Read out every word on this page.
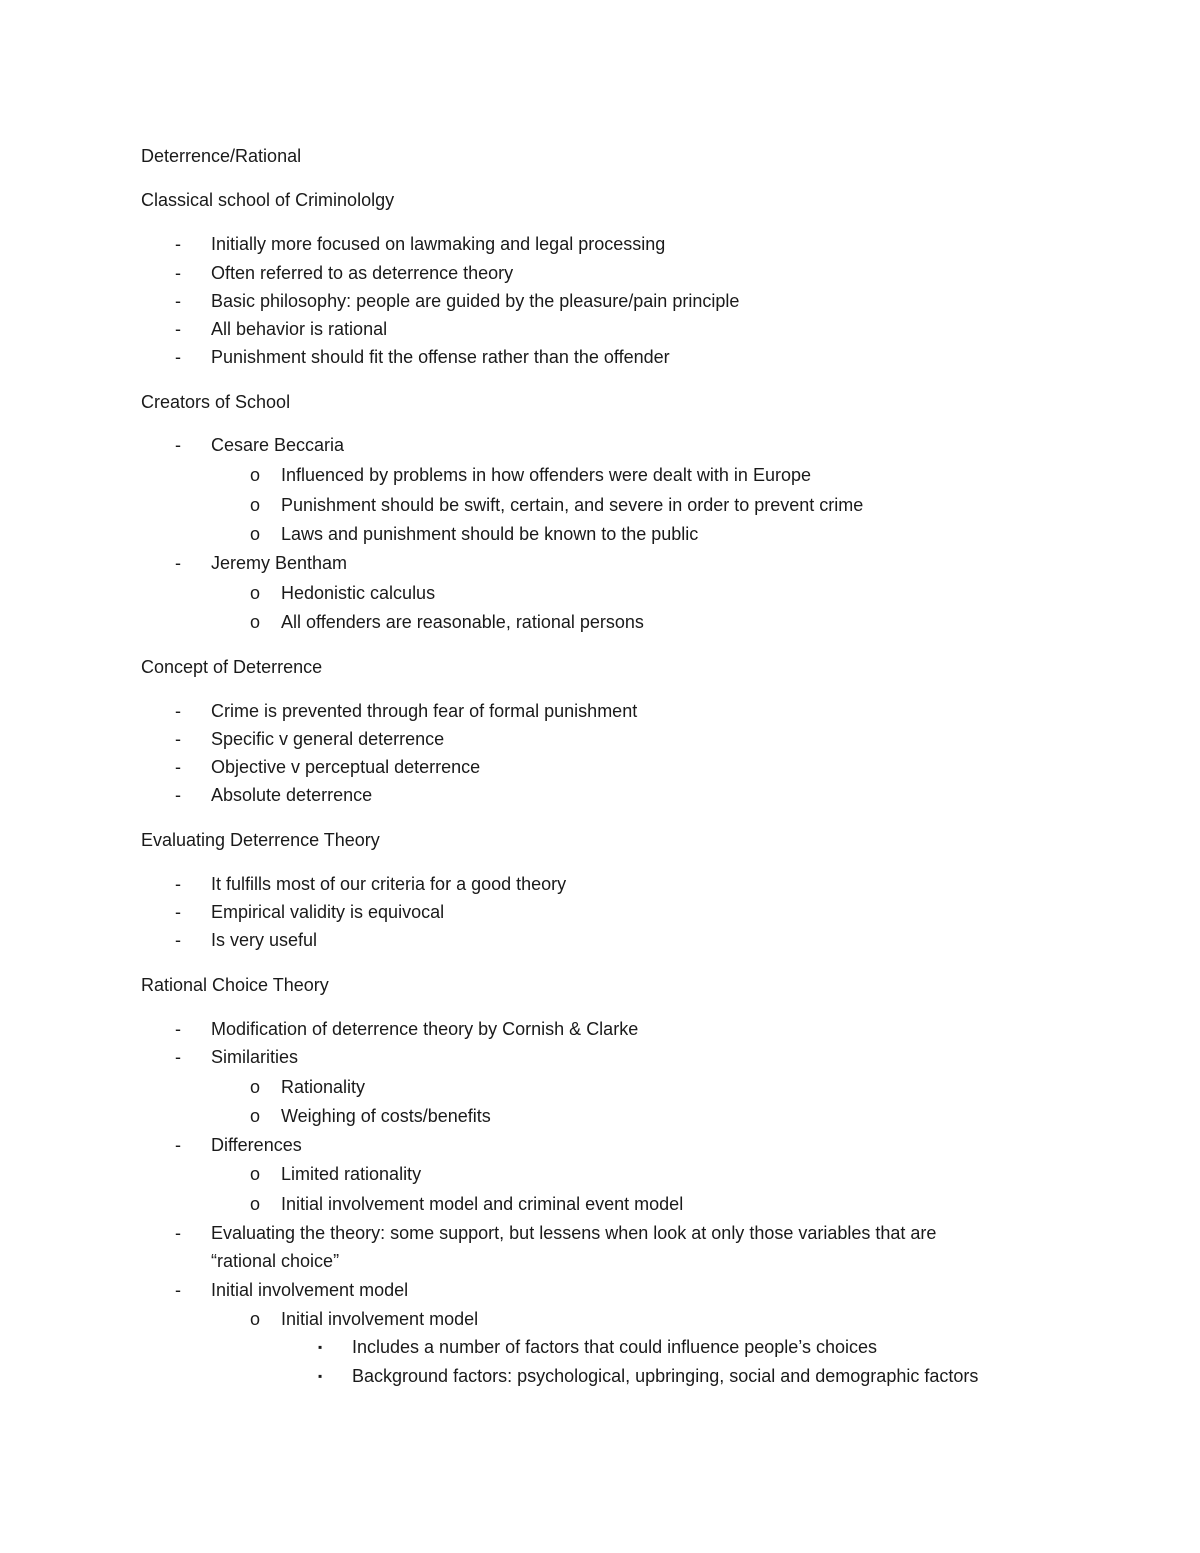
Deterrence/Rational
Classical school of Criminololgy
- Initially more focused on lawmaking and legal processing
- Often referred to as deterrence theory
- Basic philosophy: people are guided by the pleasure/pain principle
- All behavior is rational
- Punishment should fit the offense rather than the offender
Creators of School
- Cesare Beccaria
o Influenced by problems in how offenders were dealt with in Europe
o Punishment should be swift, certain, and severe in order to prevent crime
o Laws and punishment should be known to the public
- Jeremy Bentham
o Hedonistic calculus
o All offenders are reasonable, rational persons
Concept of Deterrence
- Crime is prevented through fear of formal punishment
- Specific v general deterrence
- Objective v perceptual deterrence
- Absolute deterrence
Evaluating Deterrence Theory
- It fulfills most of our criteria for a good theory
- Empirical validity is equivocal
- Is very useful
Rational Choice Theory
- Modification of deterrence theory by Cornish & Clarke
- Similarities
o Rationality
o Weighing of costs/benefits
- Differences
o Limited rationality
o Initial involvement model and criminal event model
- Evaluating the theory: some support, but lessens when look at only those variables that are
“rational choice”
- Initial involvement model
o Initial involvement model
▪ Includes a number of factors that could influence people’s choices
▪ Background factors: psychological, upbringing, social and demographic factors
